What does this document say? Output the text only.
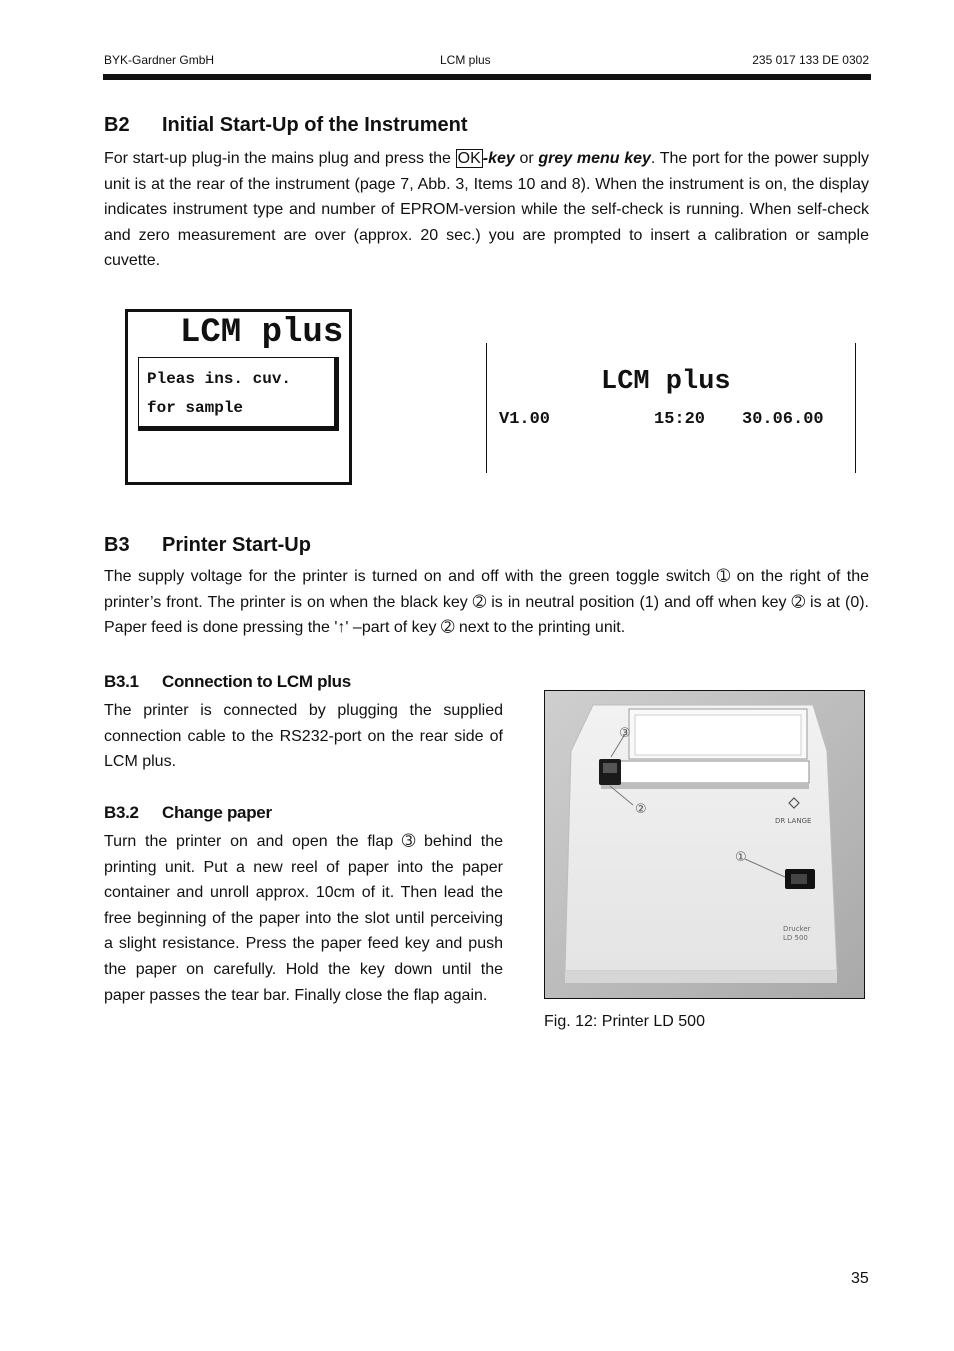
BYK-Gardner GmbH	LCM plus	235 017 133 DE 0302
B2 Initial Start-Up of the Instrument
For start-up plug-in the mains plug and press the OK -key or grey menu key. The port for the power supply unit is at the rear of the instrument (page 7, Abb. 3, Items 10 and 8). When the instrument is on, the display indicates instrument type and number of EPROM-version while the self-check is running. When self-check and zero measurement are over (approx. 20 sec.) you are prompted to insert a calibration or sample cuvette.
LCM plus
Pleas ins. cuv.
for sample
LCM plus
V1.00	15:20 30.06.00
B3 Printer Start-Up
The supply voltage for the printer is turned on and off with the green toggle switch ➀ on the right of the printer’s front. The printer is on when the black key ➁ is in neutral position (1) and off when key ➁ is at (0). Paper feed is done pressing the '↑' –part of key ➁ next to the printing unit.
B3.1 Connection to LCM plus
The printer is connected by plugging the supplied connection cable to the RS232-port on the rear side of LCM plus.
B3.2 Change paper
Turn the printer on and open the flap ➂ behind the printing unit. Put a new reel of paper into the paper container and unroll approx. 10cm of it. Then lead the free beginning of the paper into the slot until perceiving a slight resistance. Press the paper feed key and push the paper on carefully. Hold the key down until the paper passes the tear bar. Finally close the flap again.
③
②
①
DR LANGE
Drucker
LD 500
Fig. 12: Printer LD 500
35
